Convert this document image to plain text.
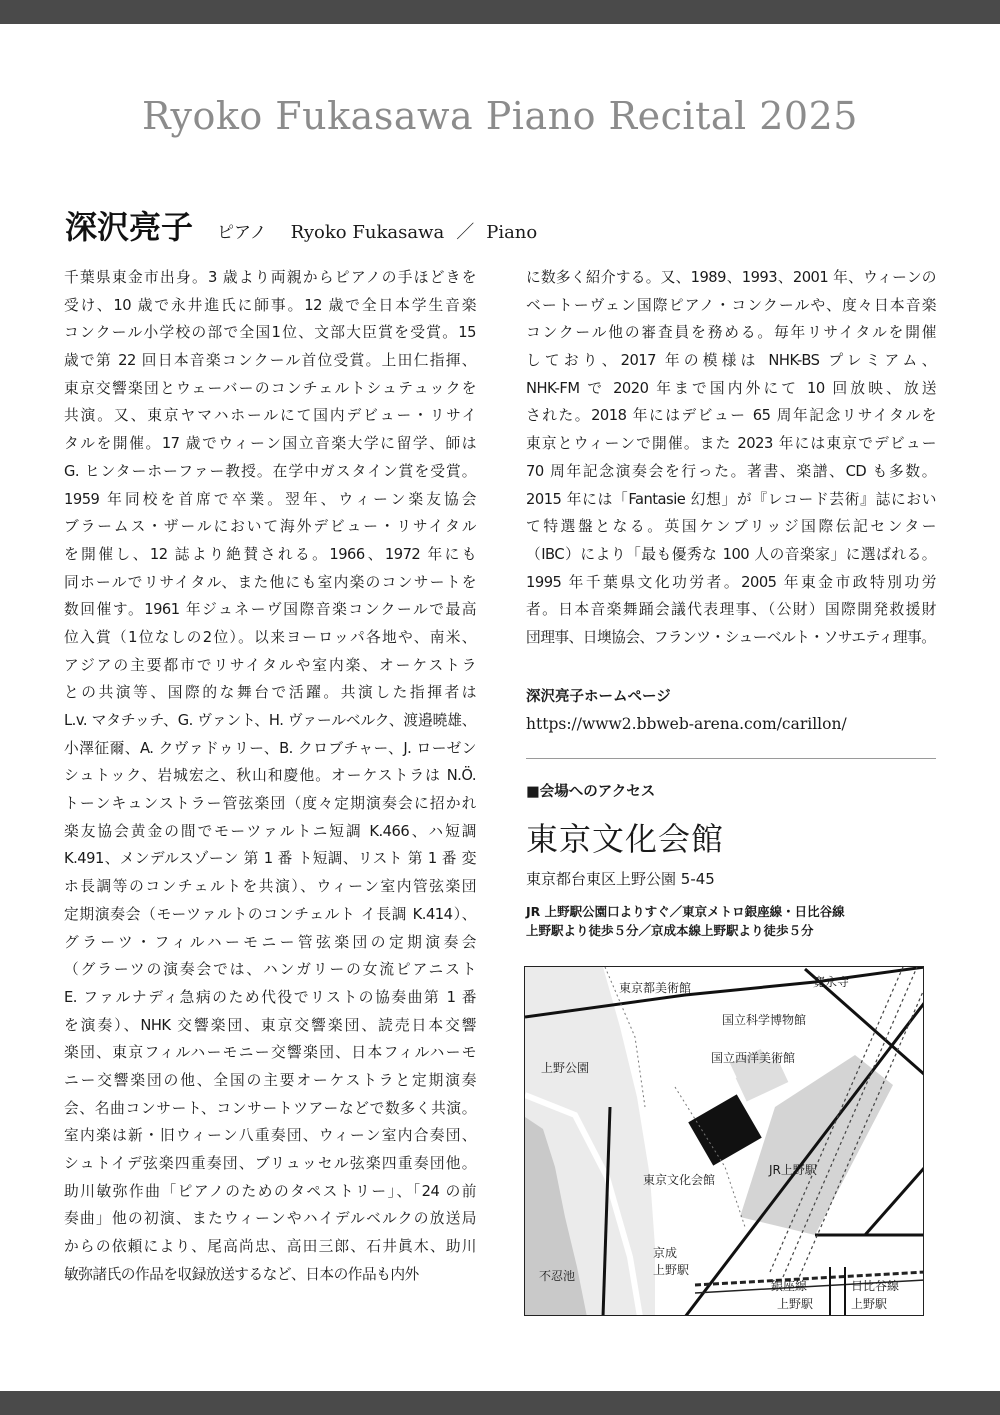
Ryoko Fukasawa Piano Recital 2025
深沢亮子 ピアノ Ryoko Fukasawa ／ Piano
千葉県東金市出身。3 歳より両親からピアノの手ほどきを
受け、10 歳で永井進氏に師事。12 歳で全日本学生音楽
コンクール小学校の部で全国1位、文部大臣賞を受賞。15
歳で第 22 回日本音楽コンクール首位受賞。上田仁指揮、
東京交響楽団とウェーバーのコンチェルトシュテュックを
共演。又、東京ヤマハホールにて国内デビュー・リサイ
タルを開催。17 歳でウィーン国立音楽大学に留学、師は
G. ヒンターホーファー教授。在学中ガスタイン賞を受賞。
1959 年同校を首席で卒業。翌年、ウィーン楽友協会
ブラームス・ザールにおいて海外デビュー・リサイタル
を開催し、12 誌より絶賛される。1966、1972 年にも
同ホールでリサイタル、また他にも室内楽のコンサートを
数回催す。1961 年ジュネーヴ国際音楽コンクールで最高
位入賞（1位なしの2位）。以来ヨーロッパ各地や、南米、
アジアの主要都市でリサイタルや室内楽、オーケストラ
との共演等、国際的な舞台で活躍。共演した指揮者は
L.v. マタチッチ、G. ヴァント、H. ヴァールベルク、渡邉曉雄、
小澤征爾、A. クヴァドゥリー、B. クロブチャー、J. ローゼン
シュトック、岩城宏之、秋山和慶他。オーケストラは N.Ö.
トーンキュンストラー管弦楽団（度々定期演奏会に招かれ
楽友協会黄金の間でモーツァルトニ短調 K.466、ハ短調
K.491、メンデルスゾーン 第 1 番 ト短調、リスト 第 1 番 変
ホ長調等のコンチェルトを共演）、ウィーン室内管弦楽団
定期演奏会（モーツァルトのコンチェルト イ長調 K.414）、
グラーツ・フィルハーモニー管弦楽団の定期演奏会
（グラーツの演奏会では、ハンガリーの女流ピアニスト
E. ファルナディ急病のため代役でリストの協奏曲第 1 番
を演奏）、NHK 交響楽団、東京交響楽団、読売日本交響
楽団、東京フィルハーモニー交響楽団、日本フィルハーモ
ニー交響楽団の他、全国の主要オーケストラと定期演奏
会、名曲コンサート、コンサートツアーなどで数多く共演。
室内楽は新・旧ウィーン八重奏団、ウィーン室内合奏団、
シュトイデ弦楽四重奏団、ブリュッセル弦楽四重奏団他。
助川敏弥作曲「ピアノのためのタペストリー」、「24 の前
奏曲」他の初演、またウィーンやハイデルベルクの放送局
からの依頼により、尾高尚忠、高田三郎、石井眞木、助川
敏弥諸氏の作品を収録放送するなど、日本の作品も内外
に数多く紹介する。又、1989、1993、2001 年、ウィーンの
ベートーヴェン国際ピアノ・コンクールや、度々日本音楽
コンクール他の審査員を務める。毎年リサイタルを開催
しており、2017 年の模様は NHK-BS プレミアム、
NHK-FM で 2020 年まで国内外にて 10 回放映、放送
された。2018 年にはデビュー 65 周年記念リサイタルを
東京とウィーンで開催。また 2023 年には東京でデビュー
70 周年記念演奏会を行った。著書、楽譜、CD も多数。
2015 年には「Fantasie 幻想」が『レコード芸術』誌におい
て特選盤となる。英国ケンブリッジ国際伝記センター
（IBC）により「最も優秀な 100 人の音楽家」に選ばれる。
1995 年千葉県文化功労者。2005 年東金市政特別功労
者。日本音楽舞踊会議代表理事、（公財）国際開発救援財
団理事、日墺協会、フランツ・シューベルト・ソサエティ理事。
深沢亮子ホームページ
https://www2.bbweb-arena.com/carillon/
■会場へのアクセス
東京文化会館
東京都台東区上野公園 5-45
JR 上野駅公園口よりすぐ／東京メトロ銀座線・日比谷線
上野駅より徒歩５分／京成本線上野駅より徒歩５分
東京都美術館	寛永寺
国立科学博物館
国立西洋美術館
上野公園
東京文化会館
JR上野駅
京成
上野駅
不忍池
銀座線
上野駅
日比谷線
上野駅
